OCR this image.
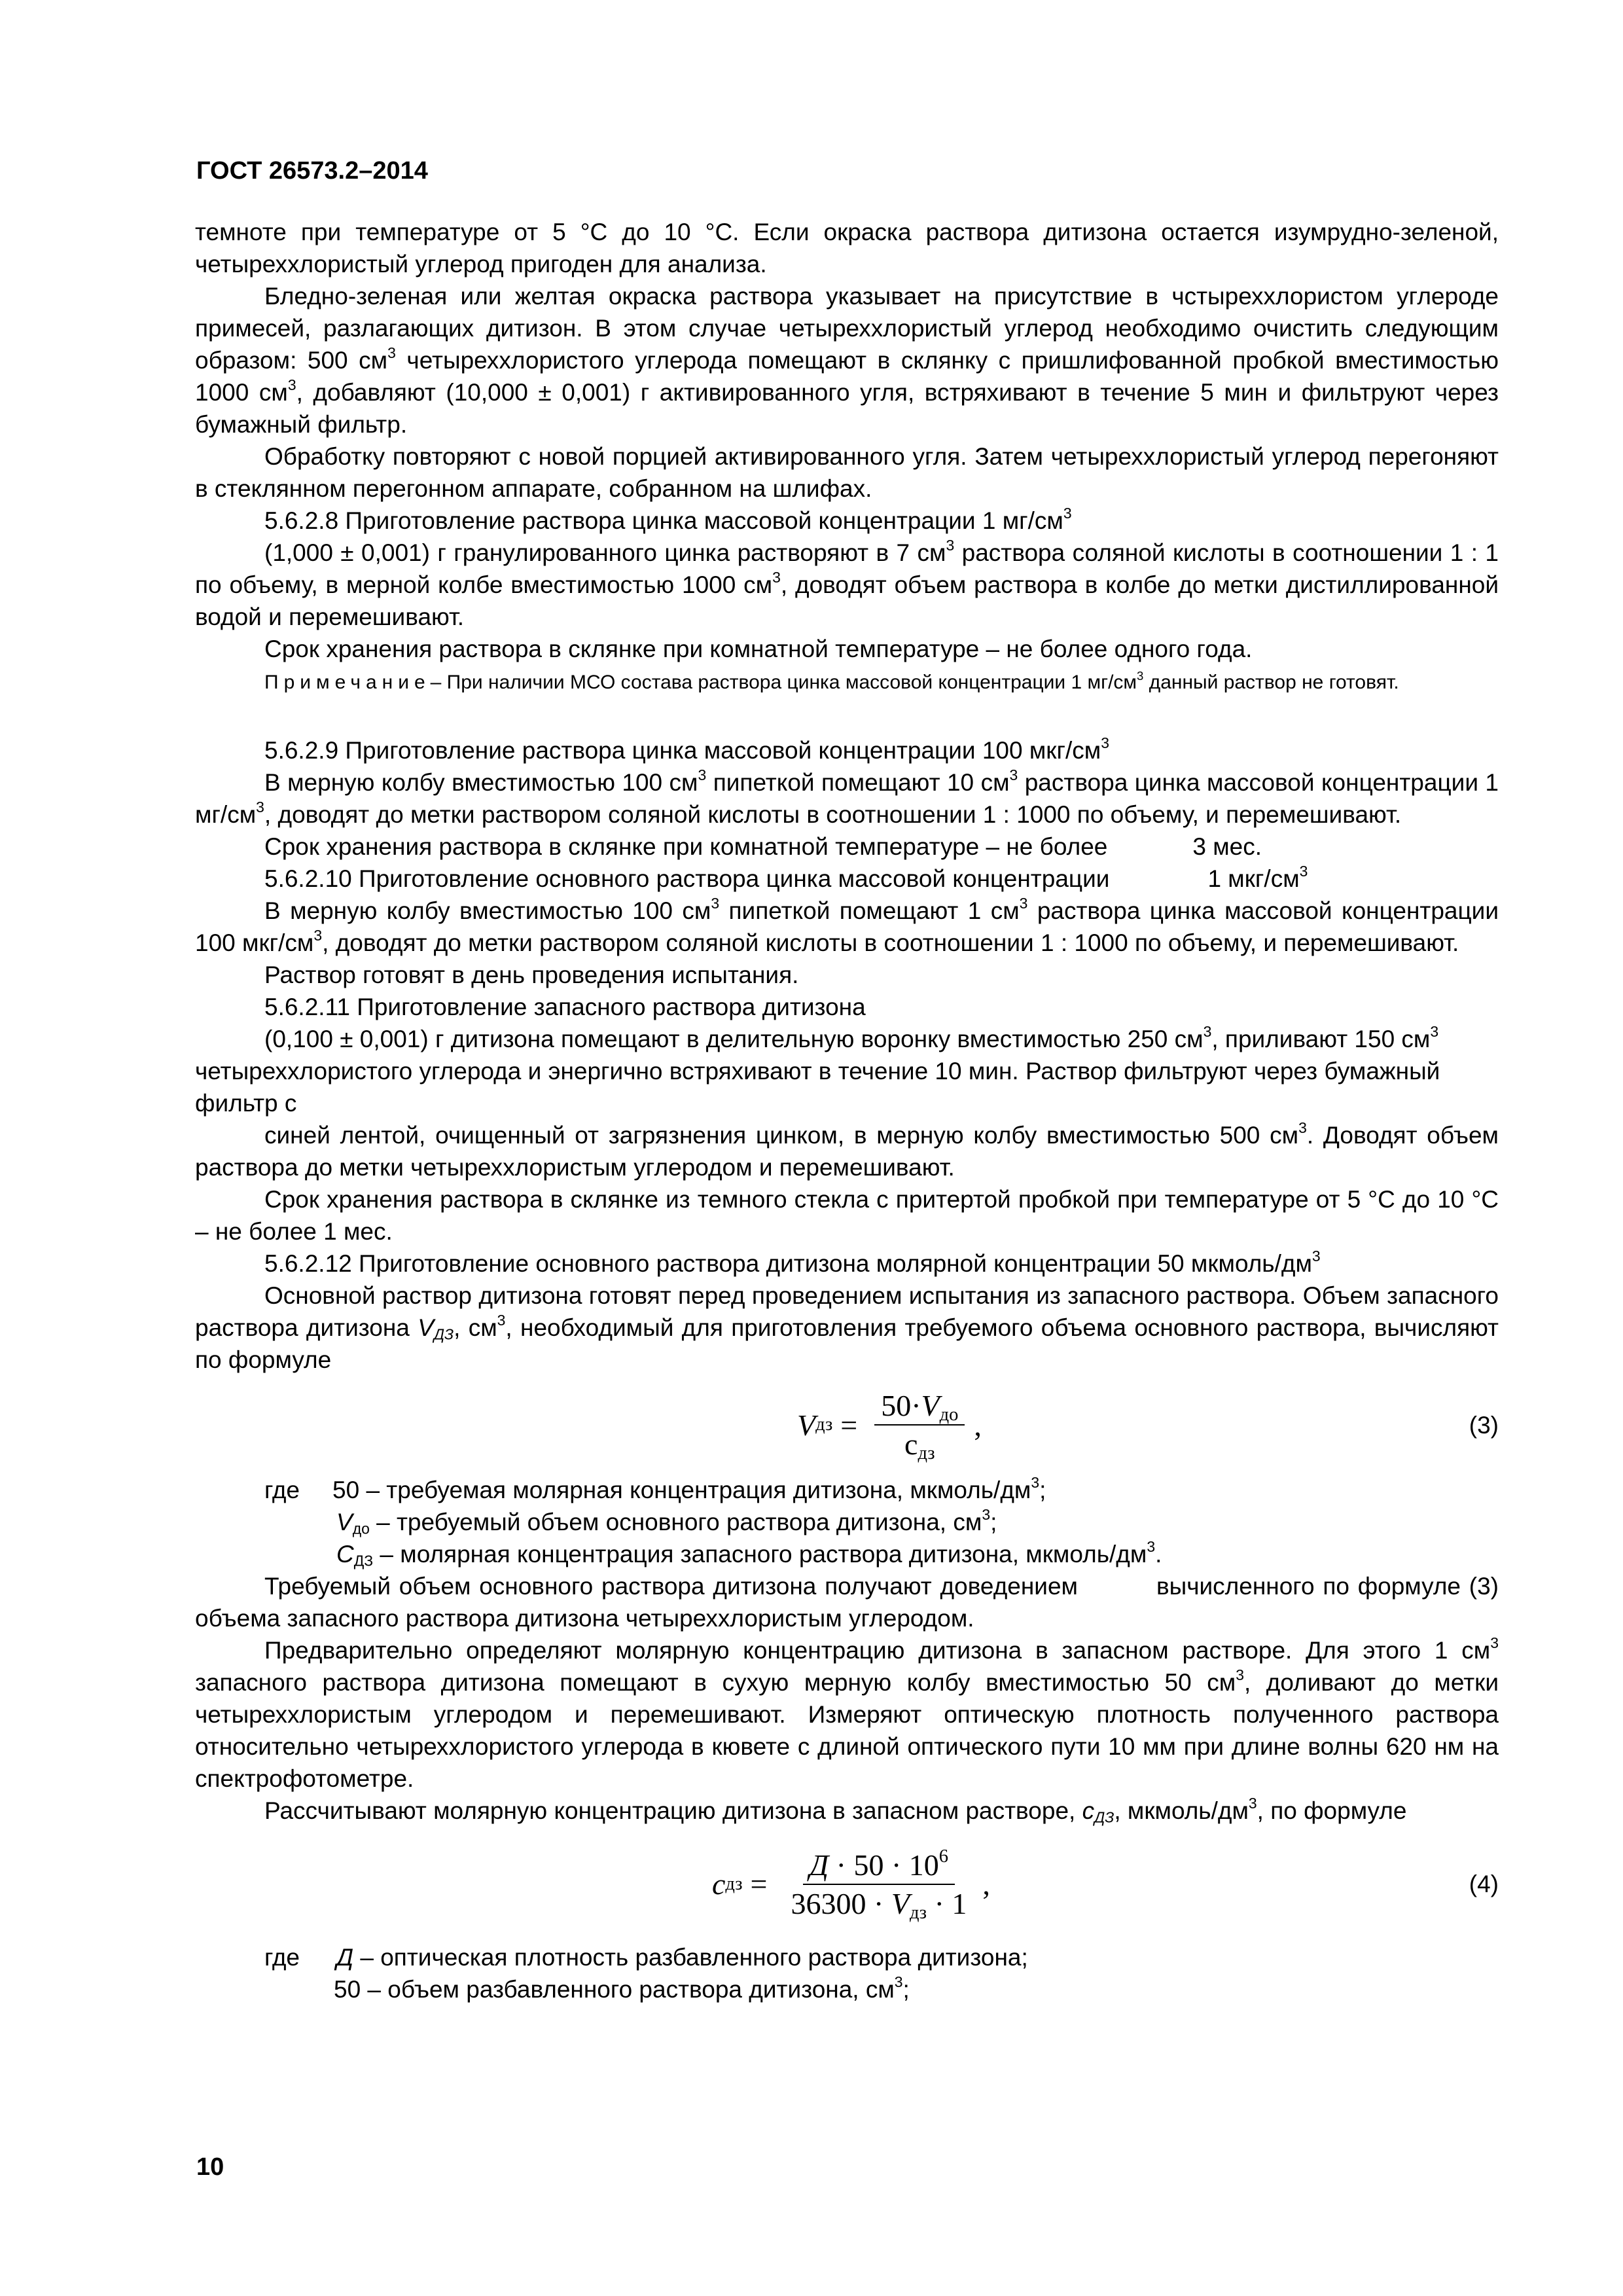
ГОСТ 26573.2–2014

темноте при температуре от 5 °С до 10 °С. Если окраска раствора дитизона остается изумрудно-зеленой, четыреххлористый углерод пригоден для анализа.

Бледно-зеленая или желтая окраска раствора указывает на присутствие в чстыреххлористом углероде примесей, разлагающих дитизон. В этом случае четыреххлористый углерод необходимо очистить следующим образом: 500 $см^3$ четыреххлористого углерода помещают в склянку с пришлифованной пробкой вместимостью 1000 $см^3$, добавляют (10,000 ± 0,001) г активированного угля, встряхивают в течение 5 мин и фильтруют через бумажный фильтр.

Обработку повторяют с новой порцией активированного угля. Затем четыреххлористый углерод перегоняют в стеклянном перегонном аппарате, собранном на шлифах.

5.6.2.8 Приготовление раствора цинка массовой концентрации 1 $мг/см^3$

(1,000 ± 0,001) г гранулированного цинка растворяют в 7 $см^3$ раствора соляной кислоты в соотношении 1 : 1 по объему, в мерной колбе вместимостью 1000 $см^3$, доводят объем раствора в колбе до метки дистиллированной водой и перемешивают.

Срок хранения раствора в склянке при комнатной температуре – не более одного года.

Примечание– При наличии МСО состава раствора цинка массовой концентрации 1 $мг/см^3$ данный раствор не готовят.

5.6.2.9 Приготовление раствора цинка массовой концентрации 100 мкг/$см^3$

В мерную колбу вместимостью 100 $см^3$ пипеткой помещают 10 $см^3$ раствора цинка массовой концентрации 1 $мг/см^3$, доводят до метки раствором соляной кислоты в соотношении 1 : 1000 по объему, и перемешивают.

Срок хранения раствора в склянке при комнатной температуре – не более	3 мес.

5.6.2.10 Приготовление основного раствора цинка массовой концентрации	1 мкг/$см^3$

В мерную колбу вместимостью 100 $см^3$ пипеткой помещают 1 $см^3$ раствора цинка массовой концентрации 100 мкг/$см^3$, доводят до метки раствором соляной кислоты в соотношении 1 : 1000 по объему, и перемешивают.

Раствор готовят в день проведения испытания.

5.6.2.11 Приготовление запасного раствора дитизона

(0,100 ± 0,001) г дитизона помещают в делительную воронку вместимостью 250 $см^3$, приливают 150 $см^3$ четыреххлористого углерода и энергично встряхивают в течение 10 мин. Раствор фильтруют через бумажный фильтр с

синей лентой, очищенный от загрязнения цинком, в мерную колбу вместимостью 500 $см^3$. Доводят объем раствора до метки четыреххлористым углеродом и перемешивают.

Срок хранения раствора в склянке из темного стекла с притертой пробкой при температуре от 5 °С до 10 °С – не более 1 мес.

5.6.2.12 Приготовление основного раствора дитизона молярной концентрации 50 мкмоль/$дм^3$

Основной раствор дитизона готовят перед проведением испытания из запасного раствора. Объем запасного раствора дитизона $V_{ДЗ}$, $см^3$, необходимый для приготовления требуемого объема основного раствора, вычисляют по формуле

V дз = $\frac{50\cdot V_{до}}{c_{дз}}$ ,	(3)

где 50 – требуемая молярная концентрация дитизона, мкмоль/$дм^3$;

$V_{до}$ – требуемый объем основного раствора дитизона, $см^3$;

$С_{ДЗ}$ – молярная концентрация запасного раствора дитизона, мкмоль/$дм^3$.

Требуемый объем основного раствора дитизона получают доведением	вычисленного по формуле (3) объема запасного раствора дитизона четыреххлористым углеродом.

Предварительно определяют молярную концентрацию дитизона в запасном растворе. Для этого 1 $см^3$ запасного раствора дитизона помещают в сухую мерную колбу вместимостью 50 $см^3$, доливают до метки четыреххлористым углеродом и перемешивают. Измеряют оптическую плотность полученного раствора относительно четыреххлористого углерода в кювете с длиной оптического пути 10 мм при длине волны 620 нм на спектрофотометре.

Рассчитывают молярную концентрацию дитизона в запасном растворе, $с_{ДЗ}$, мкмоль/$дм^3$, по формуле

c дз = $\frac{Д \cdot 50 \cdot 10^6}{36300 \cdot V_{дз} \cdot 1}$ ,	(4)

где Д – оптическая плотность разбавленного раствора дитизона;

50 – объем разбавленного раствора дитизона, $см^3$;

10
